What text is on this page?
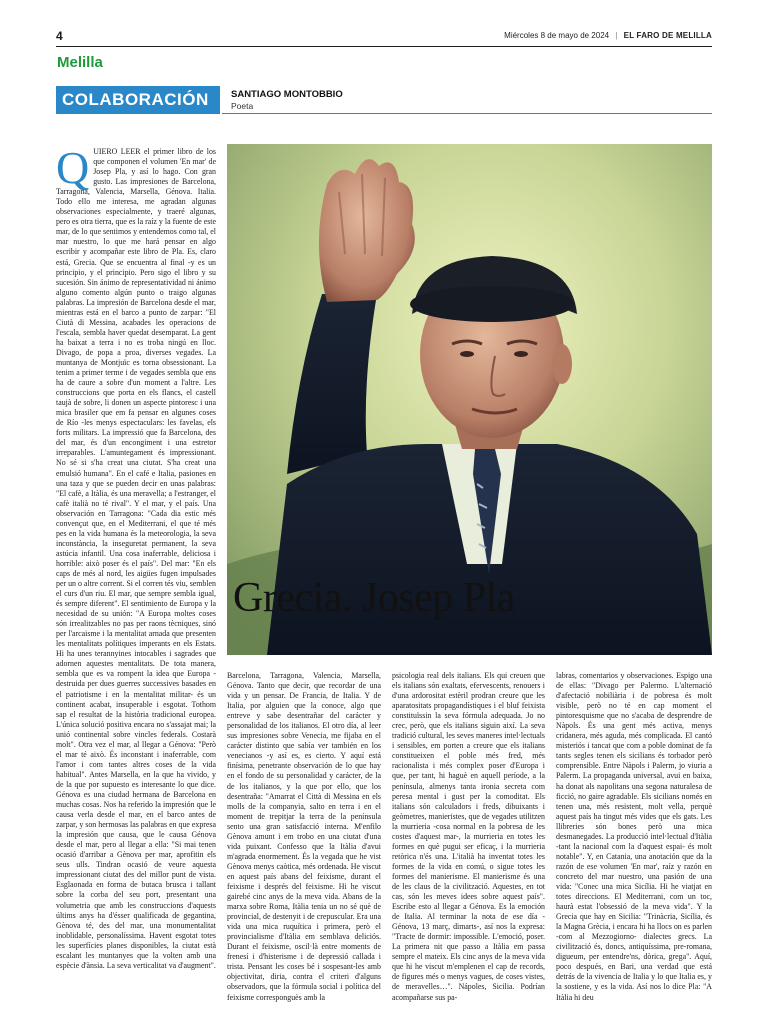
4	Miércoles 8 de mayo de 2024 | EL FARO DE MELILLA
Melilla
COLABORACIÓN SANTIAGO MONTOBBIO
Poeta
Grecia. Josep Pla
QUIERO LEER el primer libro de los que componen el volumen 'En mar' de Josep Pla, y así lo hago. Con gran gusto. Las impresiones de Barcelona, Tarragona, Valencia, Marsella, Génova. Italia. Todo ello me interesa, me agradan algunas observaciones especialmente, y traeré algunas, pero es otra tierra, que es la raíz y la fuente de este mar, de lo que sentimos y entendemos como tal, el mar nuestro, lo que me hará pensar en algo escribir y acompañar este libro de Pla. Es, claro está, Grecia. Que se encuentra al final -y es un principio, y el principio. Pero sigo el libro y su sucesión. Sin ánimo de representatividad ni ánimo alguno comento algún punto o traigo algunas palabras. La impresión de Barcelona desde el mar, mientras está en el barco a punto de zarpar: "El Ciutà di Messina, acabades les operacions de l'escala, sembla haver quedat desemparat. La gent ha baixat a terra i no es troba ningú en lloc. Divago, de popa a proa, diverses vegades. La muntanya de Montjuïc es torna obsessionant. La tenim a primer terme i de vegades sembla que ens ha de caure a sobre d'un moment a l'altre. Les construccions que porta en els flancs, el castell taujà de sobre, li donen un aspecte pintoresc i una mica brasiler que em fa pensar en algunes coses de Río -les menys espectaculars: les favelas, els forts militars. La impressió que fa Barcelona, des del mar, és d'un encongiment i una estretor irreparables. L'amuntegament és impressionant. No sé si s'ha creat una ciutat. S'ha creat una emulsió humana". En el café e Italia, pasiones en una taza y que se pueden decir en unas palabras: "El cafè, a Itàlia, és una meravella; a l'estranger, el cafè italià no té rival". Y el mar, y el país. Una observación en Tarragona: "Cada dia estic més convençut que, en el Mediterrani, el que té més pes en la vida humana és la meteorologia, la seva inconstància, la inseguretat permanent, la seva astúcia infantil. Una cosa inaferrable, deliciosa i horrible: això poser és el país". Del mar: "En els caps de més al nord, les aigües fugen impulsades per un o altre corrent. Si el corren tés viu, semblen el curs d'un riu. El mar, que sempre sembla igual, és sempre diferent". El sentimiento de Europa y la necesidad de su unión: "A Europa moltes coses són irrealitzables no pas per raons tècniques, sinó per l'arcaisme i la mentalitat arnada que presenten les mentalitats polítiques imperants en els Estats. Hi ha unes terannyines intocables i sagrades que adornen aquestes mentalitats. De tota manera, sembla que es va rompent la idea que Europa -destruida per dues guerres successives basades en el patriotisme i en la mentalitat militar- és un continent acabat, insuperable i esgotat. Tothom sap el resultat de la història tradicional europea. L'única solució positiva encara no s'assajat mai; la unió continental sobre vincles federals. Costarà molt". Otra vez el mar, al llegar a Génova: "Però el mar té això. És inconstant i inaferrable, com l'amor i com tantes altres coses de la vida habitual". Antes Marsella, en la que ha vivido, y de la que por supuesto es interesante lo que dice. Génova es una ciudad hermana de Barcelona en muchas cosas. Nos ha referido la impresión que le causa verla desde el mar, en el barco antes de zarpar, y son hermosas las palabras en que expresa la impresión que causa, que le causa Génova desde el mar, pero al llegar a ella: "Si mai tenen ocasió d'arribar a Gènova per mar, aprofitin els seus ulls. Tindran ocasió de veure aquesta impressionant ciutat des del millor punt de vista. Esglaonada en forma de butaca brusca i tallant sobre la corba del seu port, presentant una volumetria que amb les construccions d'aquests últims anys ha d'ésser qualificada de gegantina, Gènova té, des del mar, una monumentalitat inoblidable, personalíssima. Havent esgotat totes les superfícies planes disponibles, la ciutat està escalant les muntanyes que la volten amb una espècie d'ànsia. La seva verticalitat va d'augment".
Barcelona, Tarragona, Valencia, Marsella, Génova. Tanto que decir, que recordar de una vida y un pensar. De Francia, de Italia. Y de Italia, por alguien que la conoce, algo que entreve y sabe desentrañar del carácter y personalidad de los italianos. El otro día, al leer sus impresiones sobre Venecia, me fijaba en el carácter distinto que sabía ver también en los venecianos -y así es, es cierto. Y aquí está finísima, penetrante observación de lo que hay en el fondo de su personalidad y carácter, de la de los italianos, y la que por ello, que los desentraña: "Amarrat el Città di Messina en els molls de la companyia, salto en terra i en el moment de trepitjar la terra de la península sento una gran satisfacció interna. M'enfilo Gènova amunt i em trobo en una ciutat d'una vida puixant. Confesso que la Itàlia d'avui m'agrada enormement. És la vegada que he vist Gènova menys caòtica, més ordenada. He viscut en aquest país abans del feixisme, durant el feixisme i després del feixisme. Hi he viscut gairebé cinc anys de la meva vida. Abans de la marxa sobre Roma, Itàlia tenia un no sé què de provincial, de destenyit i de crepuscular. Era una vida una mica ruquítica i primera, però el provincialisme d'Itàlia em semblava deliciós. Durant el feixisme, oscil·là entre moments de frenesí i d'histerisme i de depressió callada i trista. Pensant les coses bé i sospesant-les amb objectivitat, diria, contra el criteri d'alguns observadors, que la fórmula social i política del feixisme corresponguès amb la
psicologia real dels italians. Els qui creuen que els italians són exaltats, efervescents, renouers i d'una ardorositat estèril prodran creure que les aparatositats propagandístiques i el bluf feixista constituïssin la seva fórmula adequada. Jo no crec, però, que els italians siguin així. La seva tradició cultural, les seves maneres intel·lectuals i sensibles, em porten a creure que els italians constitueixen el poble més fred, més racionalista i més complex poser d'Europa i que, per tant, hi haguè en aquell període, a la península, almenys tanta ironia secreta com peresa mental i gust per la comoditat. Els italians són calculadors i freds, dibuixants i geòmetres, manieristes, que de vegades utilitzen la murrieria -cosa normal en la pobresa de les costes d'aquest mar-, la murrieria en totes les formes en què pugui ser eficaç, i la murrieria retòrica n'és una. L'italià ha inventat totes les formes de la vida en comú, o sigue totes les formes del manierisme. El manierisme és una de les claus de la civilització. Aquestes, en tot cas, són les meves idees sobre aquest país". Escribe esto al llegar a Génova. Es la emoción de Italia. Al terminar la nota de ese día -Génova, 13 març, dimarts-, así nos la expresa: "Tracte de dormir: impossible. L'emoció, poser. La primera nit que passo a Itàlia em passa sempre el mateix. Els cinc anys de la meva vida que hi he viscut m'emplenen el cap de records, de figures més o menys vagues, de coses vistes, de meravelles…". Nápoles, Sicilia. Podrían acompañarse sus pa-
labras, comentarios y observaciones. Espigo una de ellas: "Divago per Palermo. L'alternació d'afectació nobiliària i de pobresa és molt visible, però no té en cap moment el pintoresquisme que no s'acaba de desprendre de Nàpols. És una gent més activa, menys cridanera, més aguda, més complicada. El cantó misteriós i tancat que com a poble dominat de fa tants segles tenen els sicilians és torbador però comprensible. Entre Nàpols i Palerm, jo viuria a Palerm. La propaganda universal, avui en baixa, ha donat als napolitans una segona naturalesa de ficció, no gaire agradable. Els sicilians només en tenen una, més resistent, molt vella, perquè aquest país ha tingut més vides que els gats. Les llibreries són bones però una mica desmanegades. La producció intel·lectual d'Itàlia -tant la nacional com la d'aquest espai- és molt notable". Y, en Catania, una anotación que da la razón de ese volumen 'En mar', raíz y razón en concreto del mar nuestro, una pasión de una vida: "Conec una mica Sicília. Hi he viatjat en totes direccions. El Mediterrani, com un toc, haurà estat l'obsessió de la meva vida". Y la Grecia que hay en Sicilia: "Trinàcria, Sicília, és la Magna Grècia, i encara hi ha llocs on es parlen -com al Mezzogiorno- dialectes grecs. La civilització és, doncs, antiquíssima, pre-romana, digueum, per entendre'ns, dòrica, grega". Aquí, poco después, en Bari, una verdad que está detrás de la vivencia de Italia y lo que Italia es, y la sostiene, y es la vida. Así nos lo dice Pla: "A Itàlia hi deu
